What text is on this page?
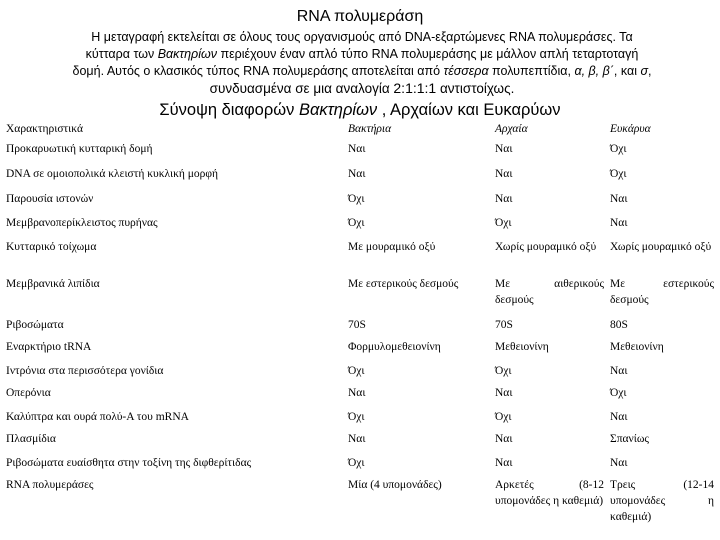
RNA πολυμεράση
Η μεταγραφή εκτελείται σε όλους τους οργανισμούς από DNA-εξαρτώμενες RNA πολυμεράσες. Τα
κύτταρα των Βακτηρίων περιέχουν έναν απλό τύπο RNA πολυμεράσης με μάλλον απλή τεταρτοταγή
δομή. Αυτός ο κλασικός τύπος RNA πολυμεράσης αποτελείται από τέσσερα πολυπεπτίδια, α, β, β΄, και σ,
συνδυασμένα σε μια αναλογία 2:1:1:1 αντιστοίχως.
Σύνοψη διαφορών Βακτηρίων , Αρχαίων και Ευκαρύων
Χαρακτηριστικά	Βακτήρια	Αρχαία	Ευκάρυα
Προκαρυωτική κυτταρική δομή	Ναι	Ναι	Όχι
DNA σε ομοιοπολικά κλειστή κυκλική μορφή	Ναι	Ναι	Όχι
Παρουσία ιστονών	Όχι	Ναι	Ναι
Μεμβρανοπερίκλειστος πυρήνας	Όχι	Όχι	Ναι
Κυτταρικό τοίχωμα	Με μουραμικό οξύ	Χωρίς μουραμικό οξύ	Χωρίς μουραμικό οξύ
Μεμβρανικά λιπίδια	Με εστερικούς δεσμούς	Με αιθερικούς δεσμούς	Με εστερικούς δεσμούς
Ριβοσώματα	70S	70S	80S
Εναρκτήριο tRNA	Φορμυλομεθειονίνη	Μεθειονίνη	Μεθειονίνη
Ιντρόνια στα περισσότερα γονίδια	Όχι	Όχι	Ναι
Οπερόνια	Ναι	Ναι	Όχι
Καλύπτρα και ουρά πολύ-Α του mRNA	Όχι	Όχι	Ναι
Πλασμίδια	Ναι	Ναι	Σπανίως
Ριβοσώματα ευαίσθητα στην τοξίνη της διφθερίτιδας	Όχι	Ναι	Ναι
RNA πολυμεράσες	Μία (4 υπομονάδες)	Αρκετές (8-12 υπομονάδες η καθεμιά)	Τρεις (12-14 υπομονάδες η καθεμιά)
